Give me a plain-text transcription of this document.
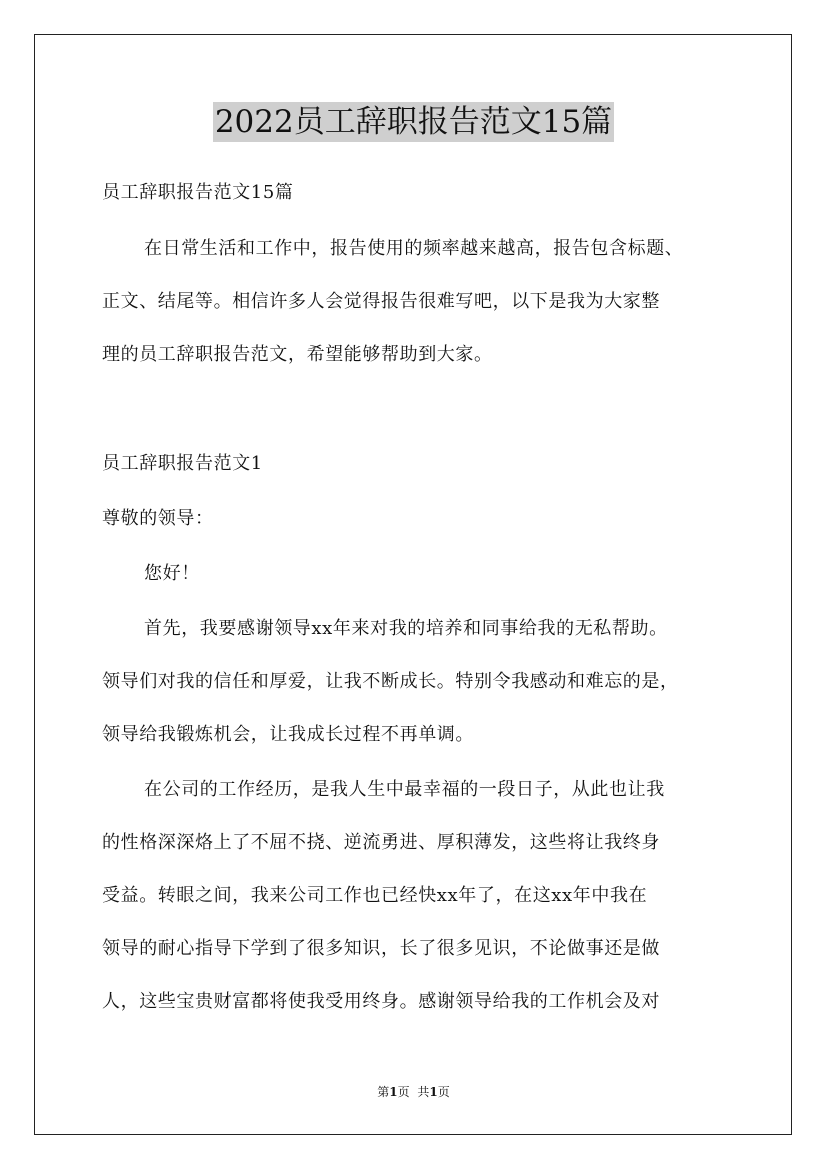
2022员工辞职报告范文15篇
员工辞职报告范文15篇
在日常生活和工作中，报告使用的频率越来越高，报告包含标题、
正文、结尾等。相信许多人会觉得报告很难写吧，以下是我为大家整
理的员工辞职报告范文，希望能够帮助到大家。
员工辞职报告范文1
尊敬的领导：
您好！
首先，我要感谢领导xx年来对我的培养和同事给我的无私帮助。
领导们对我的信任和厚爱，让我不断成长。特别令我感动和难忘的是，
领导给我锻炼机会，让我成长过程不再单调。
在公司的工作经历，是我人生中最幸福的一段日子，从此也让我
的性格深深烙上了不屈不挠、逆流勇进、厚积薄发，这些将让我终身
受益。转眼之间，我来公司工作也已经快xx年了，在这xx年中我在
领导的耐心指导下学到了很多知识，长了很多见识，不论做事还是做
人，这些宝贵财富都将使我受用终身。感谢领导给我的工作机会及对
第1页 共1页
